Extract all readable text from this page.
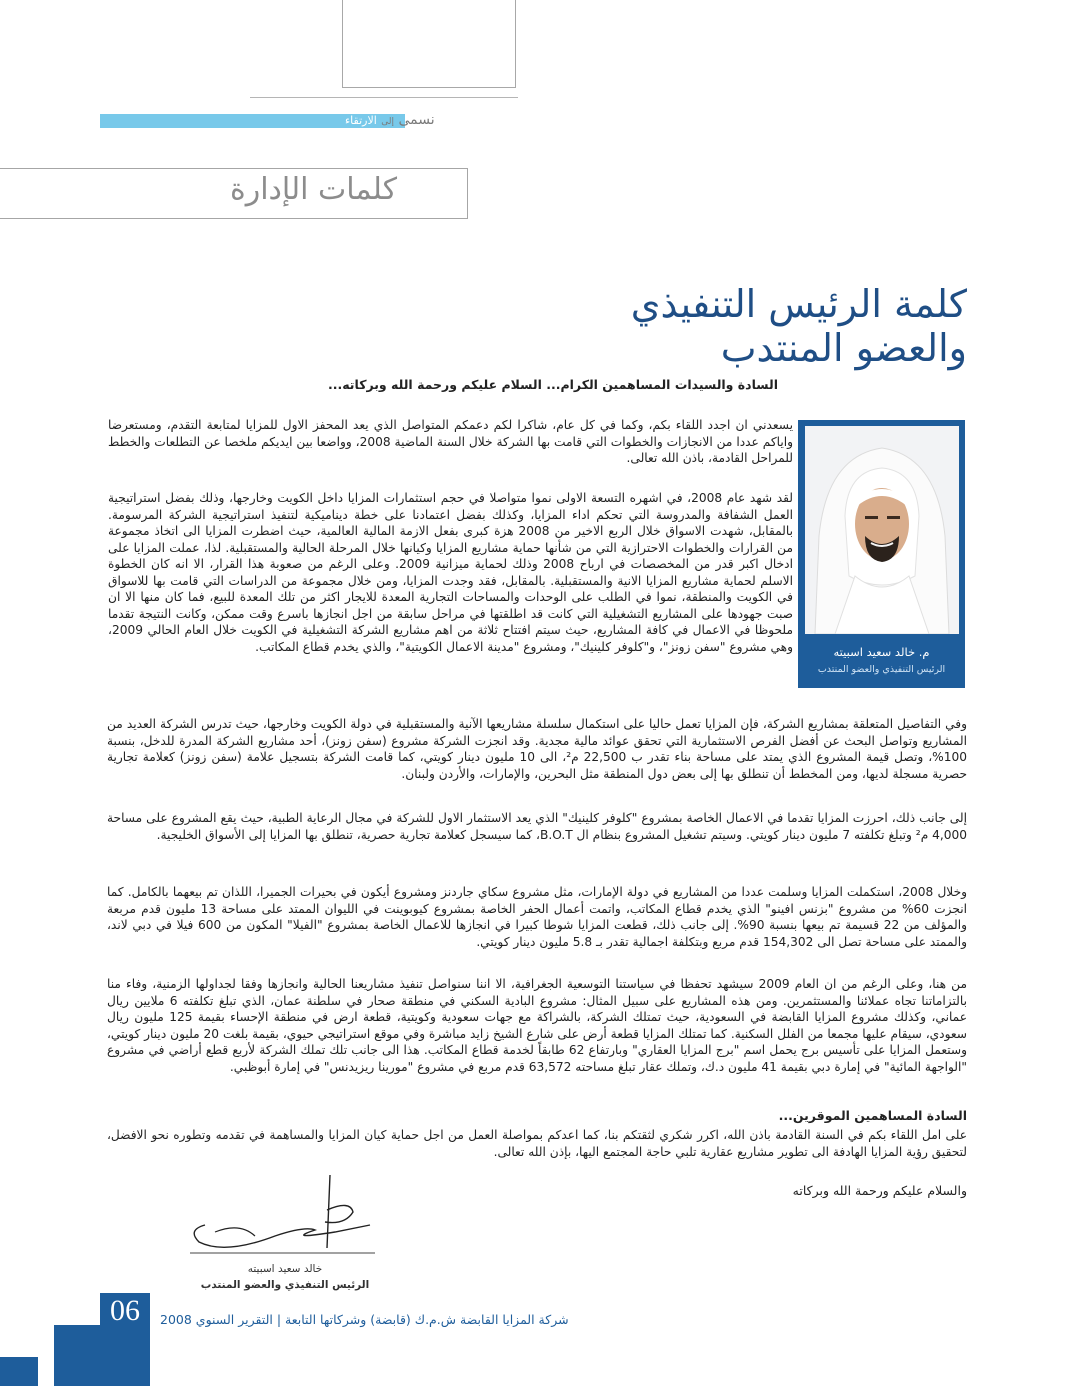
نسمى إلى الارتقاء
كلمات الإدارة
كلمة الرئيس التنفيذي
والعضو المنتدب
السادة والسيدات المساهمين الكرام... السلام عليكم ورحمة الله وبركاته...
م. خالد سعيد اسبيته
الرئيس التنفيذي والعضو المنتدب

يسعدني ان اجدد اللقاء بكم، وكما في كل عام، شاكرا لكم دعمكم المتواصل الذي يعد المحفز الاول للمزايا لمتابعة التقدم، ومستعرضا واياكم عددا من الانجازات والخطوات التي قامت بها الشركة خلال السنة الماضية 2008، وواضعا بين ايديكم ملخصا عن التطلعات والخطط للمراحل القادمة، باذن الله تعالى.

لقد شهد عام 2008، في اشهره التسعة الاولى نموا متواصلا في حجم استثمارات المزايا داخل الكويت وخارجها، وذلك بفضل استراتيجية العمل الشفافة والمدروسة التي تحكم اداء المزايا، وكذلك بفضل اعتمادنا على خطة ديناميكية لتنفيذ استراتيجية الشركة المرسومة. بالمقابل، شهدت الاسواق خلال الربع الاخير من 2008 هزة كبرى بفعل الازمة المالية العالمية، حيث اضطرت المزايا الى اتخاذ مجموعة من القرارات والخطوات الاحترازية التي من شأنها حماية مشاريع المزايا وكيانها خلال المرحلة الحالية والمستقبلية. لذا، عملت المزايا على ادخال اكبر قدر من المخصصات في ارباح 2008 وذلك لحماية ميزانية 2009. وعلى الرغم من صعوبة هذا القرار، الا انه كان الخطوة الاسلم لحماية مشاريع المزايا الانية والمستقبلية. بالمقابل، فقد وجدت المزايا، ومن خلال مجموعة من الدراسات التي قامت بها للاسواق في الكويت والمنطقة، نموا في الطلب على الوحدات والمساحات التجارية المعدة للايجار اكثر من تلك المعدة للبيع، فما كان منها الا ان صبت جهودها على المشاريع التشغيلية التي كانت قد اطلقتها في مراحل سابقة من اجل انجازها باسرع وقت ممكن، وكانت النتيجة تقدما ملحوظا في الاعمال في كافة المشاريع، حيث سيتم افتتاح ثلاثة من اهم مشاريع الشركة التشغيلية في الكويت خلال العام الحالي 2009، وهي مشروع "سفن زونز"، و"كلوفر كلينيك"، ومشروع "مدينة الاعمال الكويتية"، والذي يخدم قطاع المكاتب.

وفي التفاصيل المتعلقة بمشاريع الشركة، فإن المزايا تعمل حاليا على استكمال سلسلة مشاريعها الآنية والمستقبلية في دولة الكويت وخارجها، حيث تدرس الشركة العديد من المشاريع وتواصل البحث عن أفضل الفرص الاستثمارية التي تحقق عوائد مالية مجدية. وقد انجزت الشركة مشروع (سفن زونز)، أحد مشاريع الشركة المدرة للدخل، بنسبة 100%، وتصل قيمة المشروع الذي يمتد على مساحة بناء تقدر ب 22,500 م²، الى 10 مليون دينار كويتي، كما قامت الشركة بتسجيل علامة (سفن زونز) كعلامة تجارية حصرية مسجلة لديها، ومن المخطط أن تنطلق بها إلى بعض دول المنطقة مثل البحرين، والإمارات، والأردن ولبنان.

إلى جانب ذلك، احرزت المزايا تقدما في الاعمال الخاصة بمشروع "كلوفر كلينيك" الذي يعد الاستثمار الاول للشركة في مجال الرعاية الطبية، حيث يقع المشروع على مساحة 4,000 م² وتبلغ تكلفته 7 مليون دينار كويتي. وسيتم تشغيل المشروع بنظام ال B.O.T، كما سيسجل كعلامة تجارية حصرية، تنطلق بها المزايا إلى الأسواق الخليجية.

وخلال 2008، استكملت المزايا وسلمت عددا من المشاريع في دولة الإمارات، مثل مشروع سكاي جاردنز ومشروع أيكون في بحيرات الجميرا، اللذان تم بيعهما بالكامل. كما انجزت 60% من مشروع "بزنس افينو" الذي يخدم قطاع المكاتب، واتمت أعمال الحفر الخاصة بمشروع كيوبوينت في الليوان الممتد على مساحة 13 مليون قدم مربعة والمؤلف من 22 قسيمة تم بيعها بنسبة 90%. إلى جانب ذلك، قطعت المزايا شوطا كبيرا في انجازها للاعمال الخاصة بمشروع "الفيلا" المكون من 600 فيلا في دبي لاند، والممتد على مساحة تصل الى 154,302 قدم مربع وبتكلفة اجمالية تقدر بـ 5.8 مليون دينار كويتي.

من هنا، وعلى الرغم من ان العام 2009 سيشهد تحفظا في سياستنا التوسعية الجغرافية، الا اننا سنواصل تنفيذ مشاريعنا الحالية وانجازها وفقا لجداولها الزمنية، وفاء منا بالتزاماتنا تجاه عملائنا والمستثمرين. ومن هذه المشاريع على سبيل المثال: مشروع البادية السكني في منطقة صحار في سلطنة عمان، الذي تبلغ تكلفته 6 ملايين ريال عماني، وكذلك مشروع المزايا القابضة في السعودية، حيث تمتلك الشركة، بالشراكة مع جهات سعودية وكويتية، قطعة ارض في منطقة الإحساء بقيمة 125 مليون ريال سعودي، سيقام عليها مجمعا من الفلل السكنية. كما تمتلك المزايا قطعة أرض على شارع الشيخ زايد مباشرة وفي موقع استراتيجي حيوي، بقيمة بلغت 20 مليون دينار كويتي، وستعمل المزايا على تأسيس برج يحمل اسم "برج المزايا العقاري" وبارتفاع 62 طابقاً لخدمة قطاع المكاتب. هذا الى جانب تلك تملك الشركة لأربع قطع أراضي في مشروع "الواجهة المائية" في إمارة دبي بقيمة 41 مليون د.ك، وتملك عقار تبلغ مساحته 63,572 قدم مربع في مشروع "مورينا ريزيدنس" في إمارة أبوظبي.

السادة المساهمين الموقرين...

على امل اللقاء بكم في السنة القادمة باذن الله، اكرر شكري لثقتكم بنا، كما اعدكم بمواصلة العمل من اجل حماية كيان المزايا والمساهمة في تقدمه وتطوره نحو الافضل، لتحقيق رؤية المزايا الهادفة الى تطوير مشاريع عقارية تلبي حاجة المجتمع اليها، بإذن الله تعالى.

والسلام عليكم ورحمة الله وبركاته
خالد سعيد اسبيته
الرئيس التنفيذي والعضو المنتدب
06	شركة المزايا القابضة ش.م.ك (قابضة) وشركاتها التابعة | التقرير السنوي 2008
